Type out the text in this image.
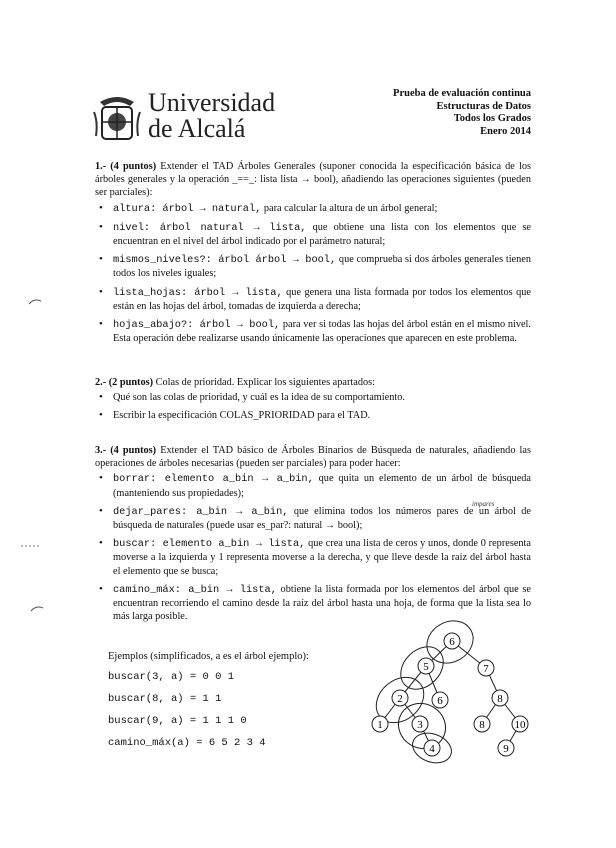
Universidad
de Alcalá
Prueba de evaluación continua
Estructuras de Datos
Todos los Grados
Enero 2014
1.- (4 puntos) Extender el TAD Árboles Generales (suponer conocida la especificación básica de los árboles generales y la operación _==_: lista lista → bool), añadiendo las operaciones siguientes (pueden ser parciales):
• altura: árbol → natural, para calcular la altura de un árbol general;
• nivel: árbol natural → lista, que obtiene una lista con los elementos que se encuentran en el nivel del árbol indicado por el parámetro natural;
• mismos_niveles?: árbol árbol → bool, que comprueba si dos árboles generales tienen todos los niveles iguales;
• lista_hojas: árbol → lista, que genera una lista formada por todos los elementos que están en las hojas del árbol, tomadas de izquierda a derecha;
• hojas_abajo?: árbol → bool, para ver si todas las hojas del árbol están en el mismo nivel. Esta operación debe realizarse usando únicamente las operaciones que aparecen en este problema.
2.- (2 puntos) Colas de prioridad. Explicar los siguientes apartados:
• Qué son las colas de prioridad, y cuál es la idea de su comportamiento.
• Escribir la especificación COLAS_PRIORIDAD para el TAD.
3.- (4 puntos) Extender el TAD básico de Árboles Binarios de Búsqueda de naturales, añadiendo las operaciones de árboles necesarias (pueden ser parciales) para poder hacer:
• borrar: elemento a_bin → a_bin, que quita un elemento de un árbol de búsqueda (manteniendo sus propiedades);
• dejar_pares: a_bin → a_bin, que elimina todos los números pares de un árbol de búsqueda de naturales (puede usar es_par?: natural → bool);
• buscar: elemento a_bin → lista, que crea una lista de ceros y unos, donde 0 representa moverse a la izquierda y 1 representa moverse a la derecha, y que lleve desde la raíz del árbol hasta el elemento que se busca;
• camino_máx: a_bin → lista, obtiene la lista formada por los elementos del árbol que se encuentran recorriendo el camino desde la raíz del árbol hasta una hoja, de forma que la lista sea lo más larga posible.
impares
Ejemplos (simplificados, a es el árbol ejemplo):
buscar(3, a) = 0 0 1
buscar(8, a) = 1 1
buscar(9, a) = 1 1 1 0
camino_máx(a) = 6 5 2 3 4
6
5	7
2	6	8
1	3	8	10
4	9
